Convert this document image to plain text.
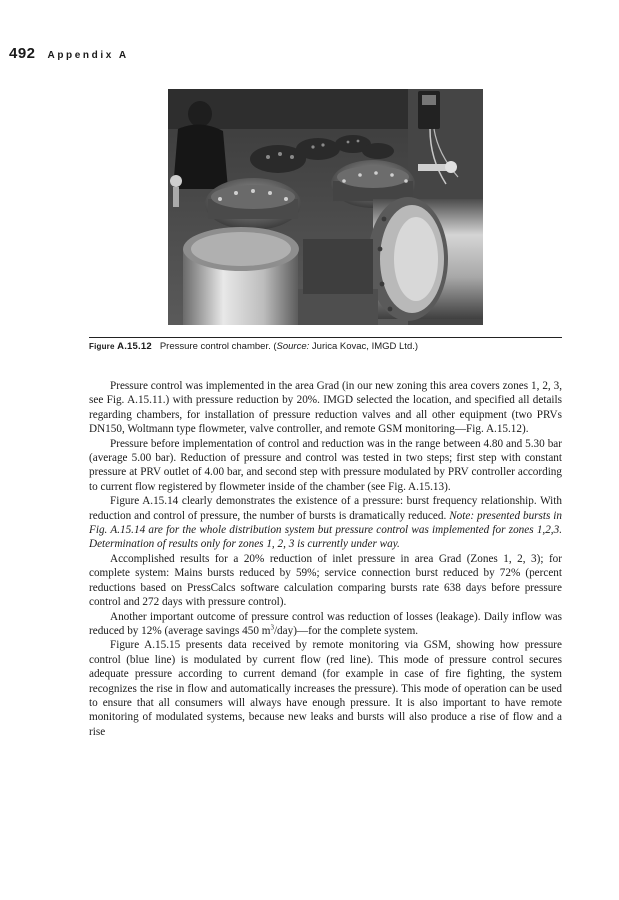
492 Appendix A
Figure A.15.12 Pressure control chamber. (Source: Jurica Kovac, IMGD Ltd.)

Pressure control was implemented in the area Grad (in our new zoning this area covers zones 1, 2, 3, see Fig. A.15.11.) with pressure reduction by 20%. IMGD selected the location, and specified all details regarding chambers, for installation of pressure reduction valves and all other equipment (two PRVs DN150, Woltmann type flowmeter, valve controller, and remote GSM monitoring—Fig. A.15.12).

Pressure before implementation of control and reduction was in the range between 4.80 and 5.30 bar (average 5.00 bar). Reduction of pressure and control was tested in two steps; first step with constant pressure at PRV outlet of 4.00 bar, and second step with pressure modulated by PRV controller according to current flow registered by flowmeter inside of the chamber (see Fig. A.15.13).

Figure A.15.14 clearly demonstrates the existence of a pressure: burst frequency relationship. With reduction and control of pressure, the number of bursts is dramatically reduced. Note: presented bursts in Fig. A.15.14 are for the whole distribution system but pressure control was implemented for zones 1,2,3. Determination of results only for zones 1, 2, 3 is currently under way.

Accomplished results for a 20% reduction of inlet pressure in area Grad (Zones 1, 2, 3); for complete system: Mains bursts reduced by 59%; service connection burst reduced by 72% (percent reductions based on PressCalcs software calculation comparing bursts rate 638 days before pressure control and 272 days with pressure control).

Another important outcome of pressure control was reduction of losses (leakage). Daily inflow was reduced by 12% (average savings 450 $m^3/day)—for$ the complete system.

Figure A.15.15 presents data received by remote monitoring via GSM, showing how pressure control (blue line) is modulated by current flow (red line). This mode of pressure control secures adequate pressure according to current demand (for example in case of fire fighting, the system recognizes the rise in flow and automatically increases the pressure). This mode of operation can be used to ensure that all consumers will always have enough pressure. It is also important to have remote monitoring of modulated systems, because new leaks and bursts will also produce a rise of flow and a rise
